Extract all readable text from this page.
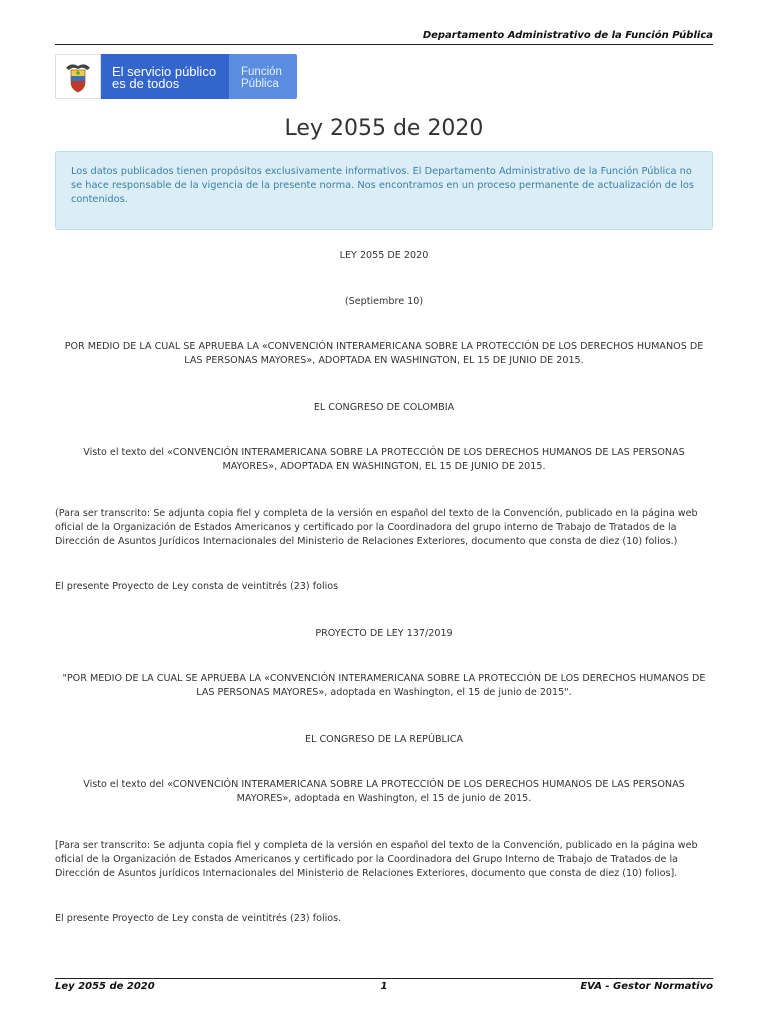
Departamento Administrativo de la Función Pública
El servicio público
es de todos
Función
Pública
Ley 2055 de 2020
Los datos publicados tienen propósitos exclusivamente informativos. El Departamento Administrativo de la Función Pública no se hace responsable de la vigencia de la presente norma. Nos encontramos en un proceso permanente de actualización de los contenidos.
LEY 2055 DE 2020
(Septiembre 10)
POR MEDIO DE LA CUAL SE APRUEBA LA «CONVENCIÓN INTERAMERICANA SOBRE LA PROTECCIÓN DE LOS DERECHOS HUMANOS DE LAS PERSONAS MAYORES», ADOPTADA EN WASHINGTON, EL 15 DE JUNIO DE 2015.
EL CONGRESO DE COLOMBIA
Visto el texto del «CONVENCIÓN INTERAMERICANA SOBRE LA PROTECCIÓN DE LOS DERECHOS HUMANOS DE LAS PERSONAS MAYORES», ADOPTADA EN WASHINGTON, EL 15 DE JUNIO DE 2015.
(Para ser transcrito: Se adjunta copia fiel y completa de la versión en español del texto de la Convención, publicado en la página web oficial de la Organización de Estados Americanos y certificado por la Coordinadora del grupo interno de Trabajo de Tratados de la Dirección de Asuntos Jurídicos Internacionales del Ministerio de Relaciones Exteriores, documento que consta de diez (10) folios.)
El presente Proyecto de Ley consta de veintitrés (23) folios
PROYECTO DE LEY 137/2019
"POR MEDIO DE LA CUAL SE APRUEBA LA «CONVENCIÓN INTERAMERICANA SOBRE LA PROTECCIÓN DE LOS DERECHOS HUMANOS DE LAS PERSONAS MAYORES», adoptada en Washington, el 15 de junio de 2015".
EL CONGRESO DE LA REPÚBLICA
Visto el texto del «CONVENCIÓN INTERAMERICANA SOBRE LA PROTECCIÓN DE LOS DERECHOS HUMANOS DE LAS PERSONAS MAYORES», adoptada en Washington, el 15 de junio de 2015.
[Para ser transcrito: Se adjunta copia fiel y completa de la versión en español del texto de la Convención, publicado en la página web oficial de la Organización de Estados Americanos y certificado por la Coordinadora del Grupo Interno de Trabajo de Tratados de la Dirección de Asuntos jurídicos Internacionales del Ministerio de Relaciones Exteriores, documento que consta de diez (10) folios].
El presente Proyecto de Ley consta de veintitrés (23) folios.
Ley 2055 de 2020	1	EVA - Gestor Normativo
